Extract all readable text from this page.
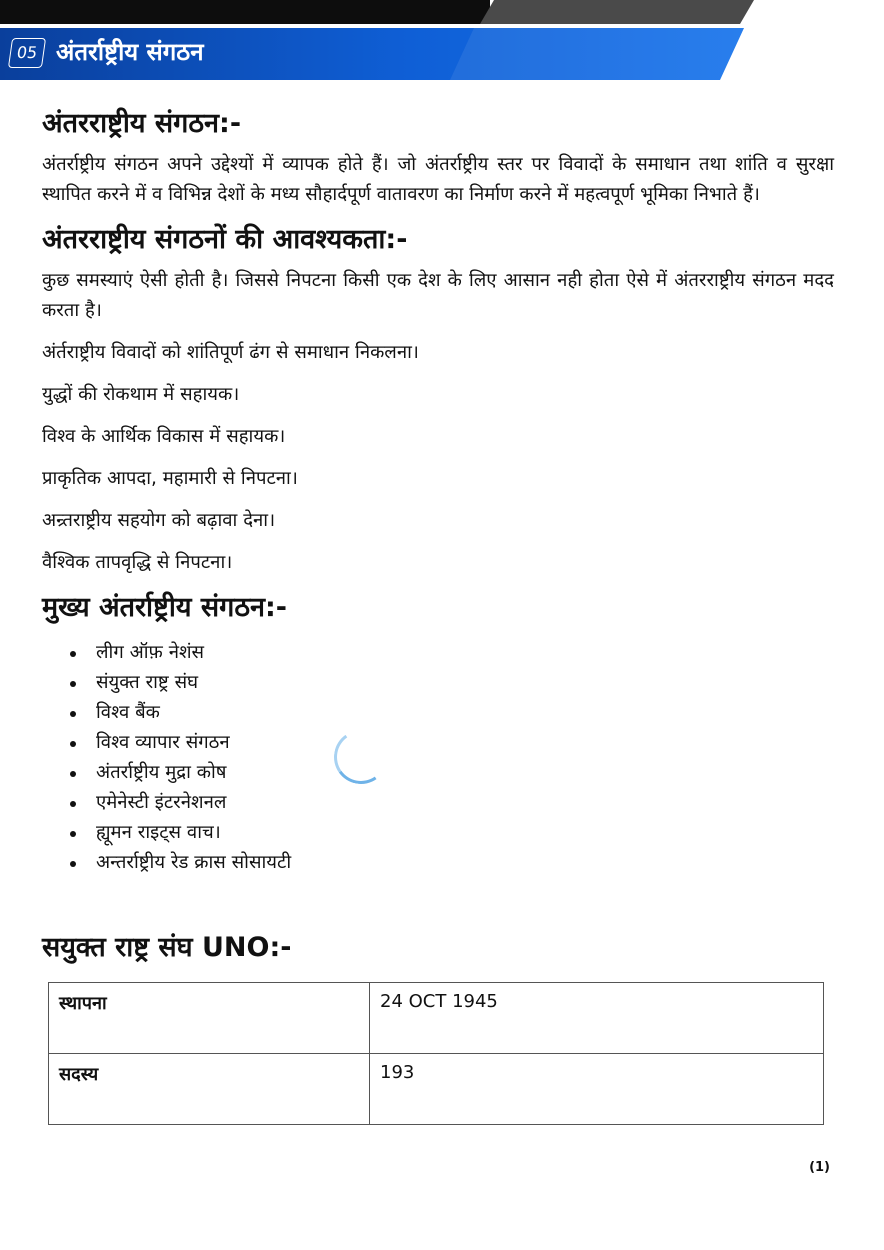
05 अंतर्राष्ट्रीय संगठन
अंतरराष्ट्रीय संगठन:-

अंतर्राष्ट्रीय संगठन अपने उद्देश्यों में व्यापक होते हैं। जो अंतर्राष्ट्रीय स्तर पर विवादों के समाधान तथा शांति व सुरक्षा स्थापित करने में व विभिन्न देशों के मध्य सौहार्दपूर्ण वातावरण का निर्माण करने में महत्वपूर्ण भूमिका निभाते हैं।

अंतरराष्ट्रीय संगठनों की आवश्यकता:-

कुछ समस्याएं ऐसी होती है। जिससे निपटना किसी एक देश के लिए आसान नही होता ऐसे में अंतरराष्ट्रीय संगठन मदद करता है।

अंर्तराष्ट्रीय विवादों को शांतिपूर्ण ढंग से समाधान निकलना।

युद्धों की रोकथाम में सहायक।

विश्व के आर्थिक विकास में सहायक।

प्राकृतिक आपदा, महामारी से निपटना।

अन्र्तराष्ट्रीय सहयोग को बढ़ावा देना।

वैश्विक तापवृद्धि से निपटना।

मुख्य अंतर्राष्ट्रीय संगठन:-
लीग ऑफ़ नेशंस
संयुक्त राष्ट्र संघ
विश्व बैंक
विश्व व्यापार संगठन
अंतर्राष्ट्रीय मुद्रा कोष
एमेनेस्टी इंटरनेशनल
ह्यूमन राइट्स वाच।
अन्तर्राष्ट्रीय रेड क्रास सोसायटी
सयुक्त राष्ट्र संघ UNO:-
स्थापना	24 OCT 1945
सदस्य	193
(1)
